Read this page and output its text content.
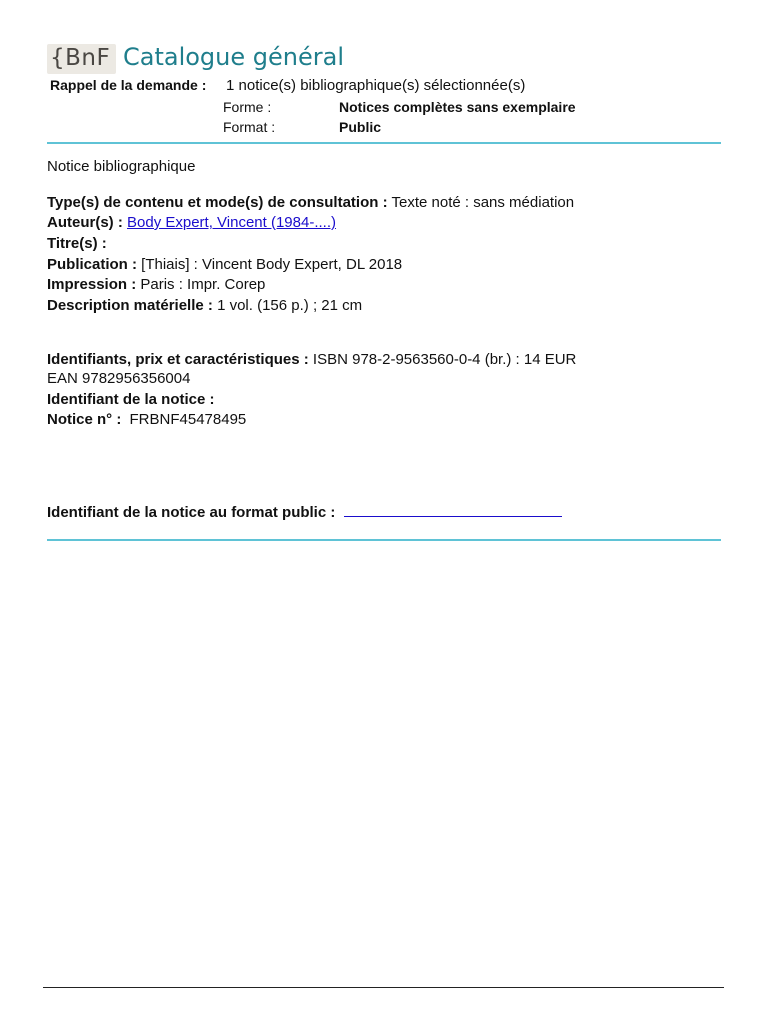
{BnF Catalogue général
Rappel de la demande : 1 notice(s) bibliographique(s) sélectionnée(s)
Forme :	Notices complètes sans exemplaire
Format :	Public
Notice bibliographique
Type(s) de contenu et mode(s) de consultation : Texte noté : sans médiation
Auteur(s) : Body Expert, Vincent (1984-....)
Titre(s) :
Publication : [Thiais] : Vincent Body Expert, DL 2018
Impression : Paris : Impr. Corep
Description matérielle : 1 vol. (156 p.) ; 21 cm
Identifiants, prix et caractéristiques : ISBN 978-2-9563560-0-4 (br.) : 14 EUR
EAN 9782956356004
Identifiant de la notice :
Notice n° : FRBNF45478495
Identifiant de la notice au format public :
